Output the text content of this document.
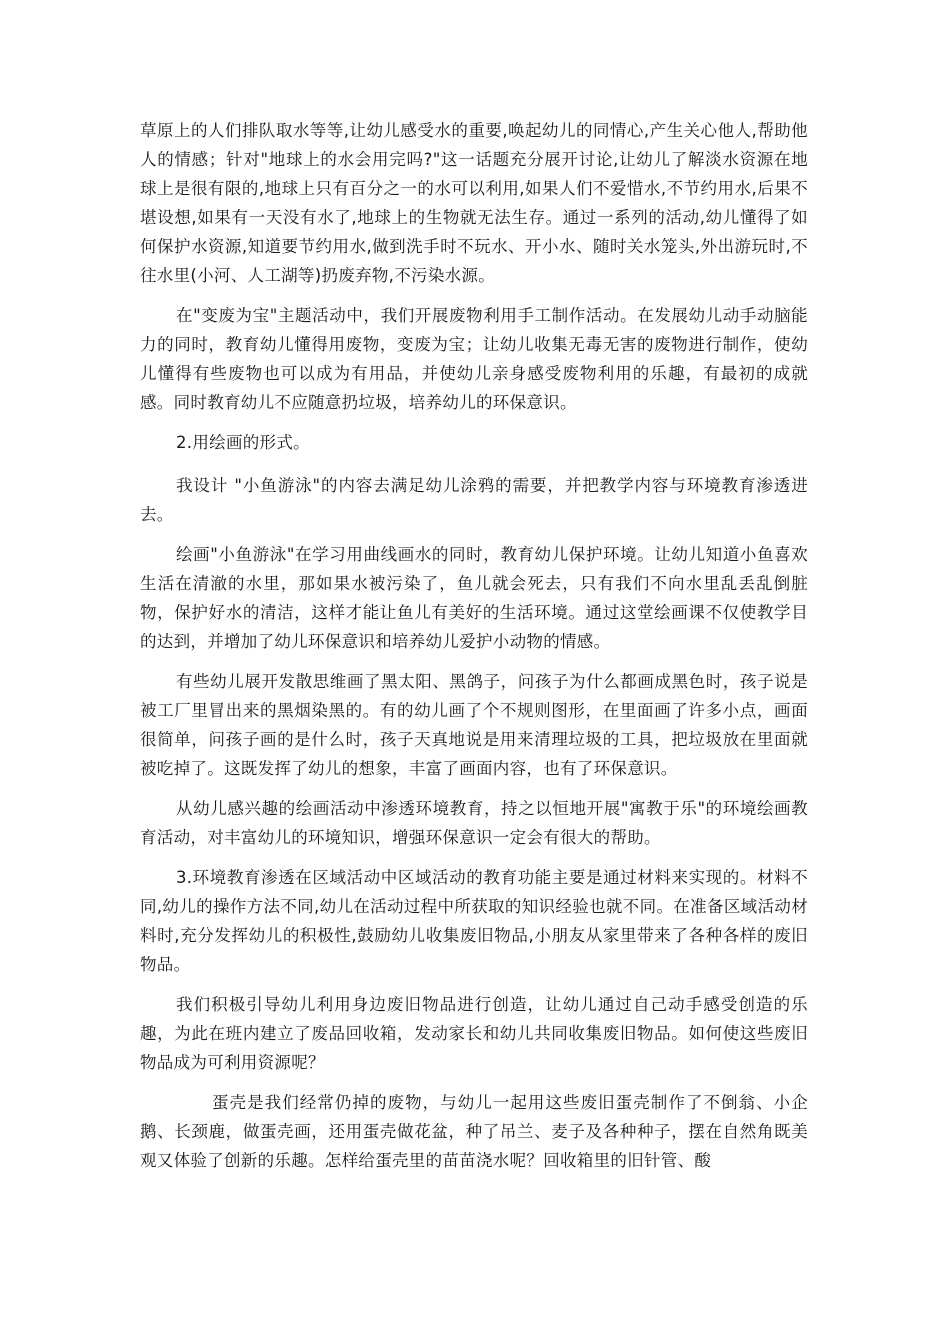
草原上的人们排队取水等等,让幼儿感受水的重要,唤起幼儿的同情心,产生关心他人,帮助他人的情感；针对"地球上的水会用完吗?"这一话题充分展开讨论,让幼儿了解淡水资源在地球上是很有限的,地球上只有百分之一的水可以利用,如果人们不爱惜水,不节约用水,后果不堪设想,如果有一天没有水了,地球上的生物就无法生存。通过一系列的活动,幼儿懂得了如何保护水资源,知道要节约用水,做到洗手时不玩水、开小水、随时关水笼头,外出游玩时,不往水里(小河、人工湖等)扔废弃物,不污染水源。

在"变废为宝"主题活动中，我们开展废物利用手工制作活动。在发展幼儿动手动脑能力的同时，教育幼儿懂得用废物，变废为宝；让幼儿收集无毒无害的废物进行制作，使幼儿懂得有些废物也可以成为有用品，并使幼儿亲身感受废物利用的乐趣，有最初的成就感。同时教育幼儿不应随意扔垃圾，培养幼儿的环保意识。

2.用绘画的形式。

我设计 "小鱼游泳"的内容去满足幼儿涂鸦的需要，并把教学内容与环境教育渗透进去。

绘画"小鱼游泳"在学习用曲线画水的同时，教育幼儿保护环境。让幼儿知道小鱼喜欢生活在清澈的水里，那如果水被污染了，鱼儿就会死去，只有我们不向水里乱丢乱倒脏物，保护好水的清洁，这样才能让鱼儿有美好的生活环境。通过这堂绘画课不仅使教学目的达到，并增加了幼儿环保意识和培养幼儿爱护小动物的情感。

有些幼儿展开发散思维画了黑太阳、黑鸽子，问孩子为什么都画成黑色时，孩子说是被工厂里冒出来的黑烟染黑的。有的幼儿画了个不规则图形，在里面画了许多小点，画面很简单，问孩子画的是什么时，孩子天真地说是用来清理垃圾的工具，把垃圾放在里面就被吃掉了。这既发挥了幼儿的想象，丰富了画面内容，也有了环保意识。

从幼儿感兴趣的绘画活动中渗透环境教育，持之以恒地开展"寓教于乐"的环境绘画教育活动，对丰富幼儿的环境知识，增强环保意识一定会有很大的帮助。

3.环境教育渗透在区域活动中区域活动的教育功能主要是通过材料来实现的。材料不同,幼儿的操作方法不同,幼儿在活动过程中所获取的知识经验也就不同。在准备区域活动材料时,充分发挥幼儿的积极性,鼓励幼儿收集废旧物品,小朋友从家里带来了各种各样的废旧物品。

我们积极引导幼儿利用身边废旧物品进行创造，让幼儿通过自己动手感受创造的乐趣，为此在班内建立了废品回收箱，发动家长和幼儿共同收集废旧物品。如何使这些废旧物品成为可利用资源呢？

蛋壳是我们经常仍掉的废物，与幼儿一起用这些废旧蛋壳制作了不倒翁、小企鹅、长颈鹿，做蛋壳画，还用蛋壳做花盆，种了吊兰、麦子及各种种子，摆在自然角既美观又体验了创新的乐趣。怎样给蛋壳里的苗苗浇水呢？回收箱里的旧针管、酸
